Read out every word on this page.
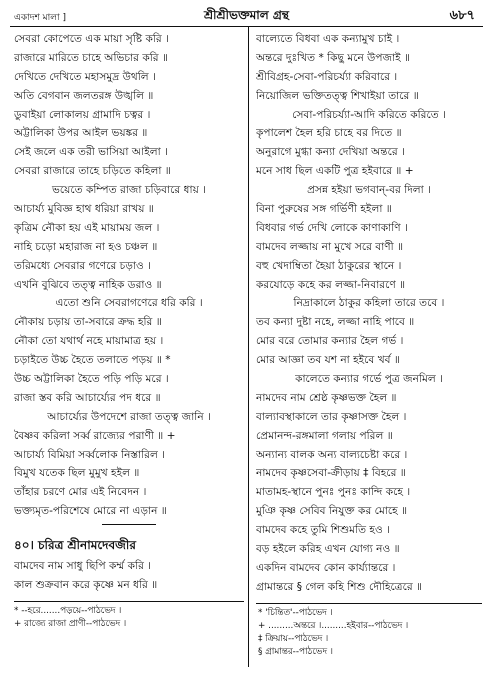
একাদশ মালা ]	শ্রীশ্রীভক্তমাল গ্রন্থ	৬৮৭
সেবরা কোপেতে এক মায়া সৃষ্টি করি ।
রাজারে মারিতে চাহে অভিচার করি ॥
দেখিতে দেখিতে মহাসমুদ্র উথলি ।
অতি বেগবান জলতরঙ্গ উঙ্খলি ॥
ডুবাইয়া লোকালয় গ্রামাদি চত্বর ।
অট্টালিকা উপর আইল ভয়ঙ্কর ॥
সেই জলে এক তরী ভাসিয়া আইলা ।
সেবরা রাজারে তাহে চড়িতে কহিলা ॥
ভয়েতে কম্পিত রাজা চড়িবারে ধায় ।
আচার্য্য মুবিজ্ঞ হাথ ধরিয়া রাখয় ॥
কৃত্রিম নৌকা হয় এই মায়াময় জল ।
নাহি চড়ো মহারাজ না হও চঞ্চল ॥
তরিমধ্যে সেবরার গণেরে চড়াও ।
এখনি বুঝিবে তত্ত্ব নাহিক ডরাও ॥
এতো শুনি সেবরাগণেরে ধরি করি ।
নৌকায় চড়ায় তা-সবারে ক্রদ্ধ হরি ॥
নৌকা তো যথার্থ নহে মায়ামাত্র হয় ।
চড়াইতে উচ্চ হৈতে তলাতে পড়য় ॥ *
উচ্চ অট্টালিকা হৈতে পড়ি পড়ি মরে ।
রাজা স্তব করি আচার্য্যের পদ ধরে ॥
আচার্য্যের উপদেশে রাজা তত্ত্ব জানি ।
বৈষ্ণব করিলা সর্ব্ব রাজ্যের পরাণী ॥ +
আচার্য্য বিমিয়া সর্ব্বলোক নিস্তারিল ।
বিমুখ যতেক ছিল মুমুখ হইল ॥
তাঁহার চরণে মোর এই নিবেদন ।
ভক্ত্যমৃত-পরিশেষে মোরে না এড়ান ॥
৪০। চরিত্র শ্রীনামদেবজীর
বামদেব নাম সাধু ছিপি কর্ম্ম করি ।
কাল শুক্রবান করে কৃষ্ণে মন ধরি ॥
* --হরে.......পড়য়ে--পাঠভেদ ।
+ রাজ্যে রাজা প্রাণী--পাঠভেদ ।
বাল্যেতে বিধবা এক কন্যামুখ চাই ।
অন্তরে দুঃখিত * কিছু মনে উপজাই ॥
শ্রীবিগ্রহ-সেবা-পরিচর্য্যা করিবারে ।
নিয়োজিল ভক্তিতত্ত্ব শিখাইয়া তারে ॥
সেবা-পরিচর্য্যা-আদি করিতে করিতে ।
কৃপালেশ হৈল হরি চাহে বর দিতে ॥
অনুরাগে মুগ্ধা কন্যা দেখিয়া অন্তরে ।
মনে সাধ ছিল একটি পুত্র হইবারে ॥ +
প্রসন্ন হইয়া ভগবান্-বর দিলা ।
বিনা পুরুষের সঙ্গ গর্ভিণী হইলা ॥
বিধবার গর্ভ দেখি লোকে কাণাকাণি ।
বামদেব লজ্জায় না মুখে সরে বাণী ॥
বহু খেদাম্বিতা হৈয়া ঠাকুরের স্থানে ।
করযোড়ে কহে কর লজ্জা-নিবারণে ॥
নিদ্রাকালে ঠাকুর কহিলা তারে তবে ।
তব কন্যা দুষ্টা নহে, লজ্জা নাহি পাবে ॥
মোর বরে তোমার কন্যার হৈল গর্ভ ।
মোর আজ্ঞা তব যশ না হইবে খর্ব ॥
কালেতে কন্যার গর্ভে পুত্র জনমিল ।
নামদেব নাম শ্রেষ্ঠ কৃষ্ণভক্ত হৈল ॥
বাল্যাবস্থাকালে তার কৃষ্ণাসক্ত হৈল ।
প্রেমানন্দ-রঙ্গমালা গলায় পরিল ॥
অন্যান্য বালক অন্য বাল্যচেষ্টা করে ।
নামদেব কৃষ্ণসেবা-ক্রীড়ায় ‡ বিহরে ॥
মাতামহ-স্থানে পুনঃ পুনঃ কান্দি কহে ।
মুঞি কৃষ্ণ সেবিব নিযুক্ত কর মোহে ॥
বামদেব কহে তুমি শিশুমতি হও ।
বড় হইলে করিহ এখন যোগ্য নও ॥
একদিন বামদেব কোন কার্য্যান্তরে ।
গ্রামান্তরে § গেল কহি শিশু দৌহিত্রেরে ॥
* 'চিন্তিত'--পাঠভেদ ।
+ .........অন্তরে ।.........হইবার--পাঠভেদ ।
‡ ক্রিয়ায়--পাঠভেদ ।
§ গ্রামান্তর--পাঠভেদ ।
